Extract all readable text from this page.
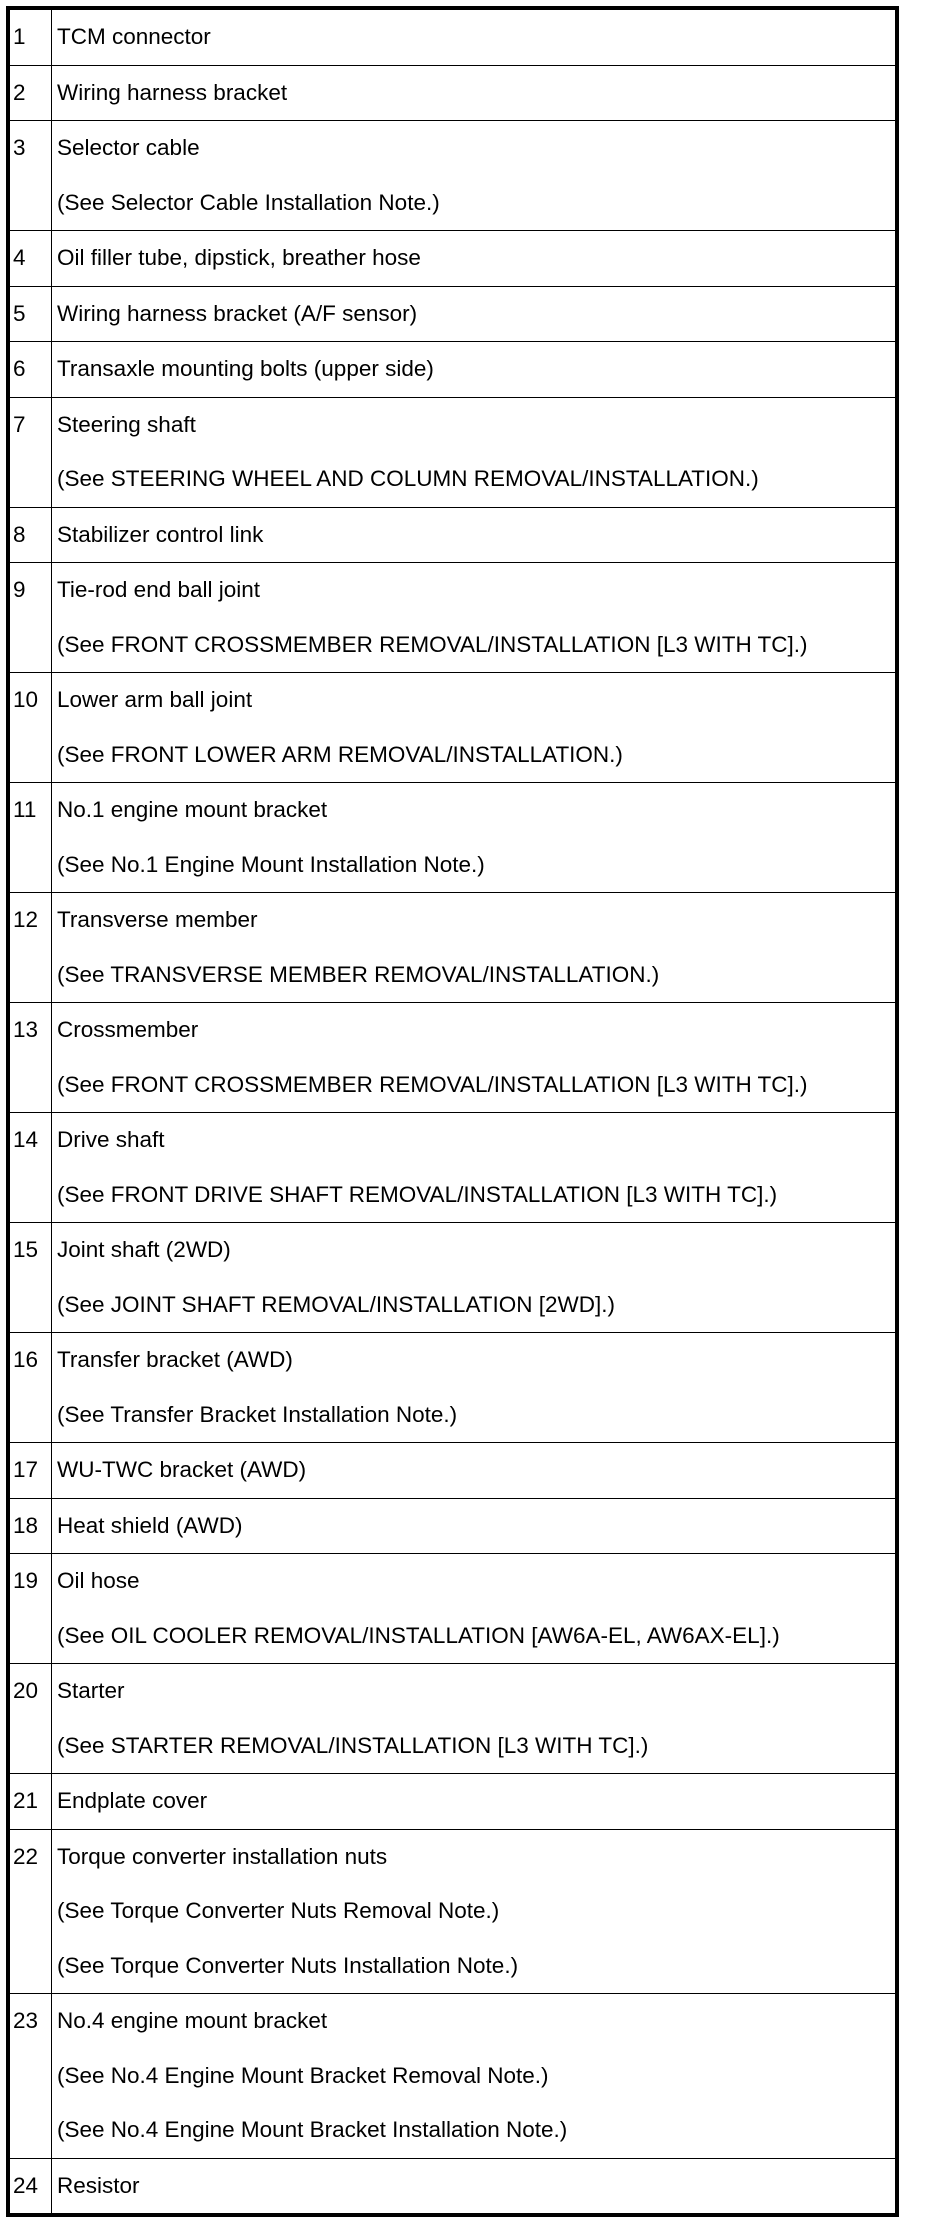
1	TCM connector

2	Wiring harness bracket

3	Selector cable
(See Selector Cable Installation Note.)

4	Oil filler tube, dipstick, breather hose

5	Wiring harness bracket (A/F sensor)

6	Transaxle mounting bolts (upper side)

7	Steering shaft
(See STEERING WHEEL AND COLUMN REMOVAL/INSTALLATION.)

8	Stabilizer control link

9	Tie-rod end ball joint
(See FRONT CROSSMEMBER REMOVAL/INSTALLATION [L3 WITH TC].)

10	Lower arm ball joint
(See FRONT LOWER ARM REMOVAL/INSTALLATION.)

11	No.1 engine mount bracket
(See No.1 Engine Mount Installation Note.)

12	Transverse member
(See TRANSVERSE MEMBER REMOVAL/INSTALLATION.)

13	Crossmember
(See FRONT CROSSMEMBER REMOVAL/INSTALLATION [L3 WITH TC].)

14	Drive shaft
(See FRONT DRIVE SHAFT REMOVAL/INSTALLATION [L3 WITH TC].)

15	Joint shaft (2WD)
(See JOINT SHAFT REMOVAL/INSTALLATION [2WD].)

16	Transfer bracket (AWD)
(See Transfer Bracket Installation Note.)

17	WU-TWC bracket (AWD)

18	Heat shield (AWD)

19	Oil hose
(See OIL COOLER REMOVAL/INSTALLATION [AW6A-EL, AW6AX-EL].)

20	Starter
(See STARTER REMOVAL/INSTALLATION [L3 WITH TC].)

21	Endplate cover

22	Torque converter installation nuts
(See Torque Converter Nuts Removal Note.)
(See Torque Converter Nuts Installation Note.)

23	No.4 engine mount bracket
(See No.4 Engine Mount Bracket Removal Note.)
(See No.4 Engine Mount Bracket Installation Note.)

24	Resistor
